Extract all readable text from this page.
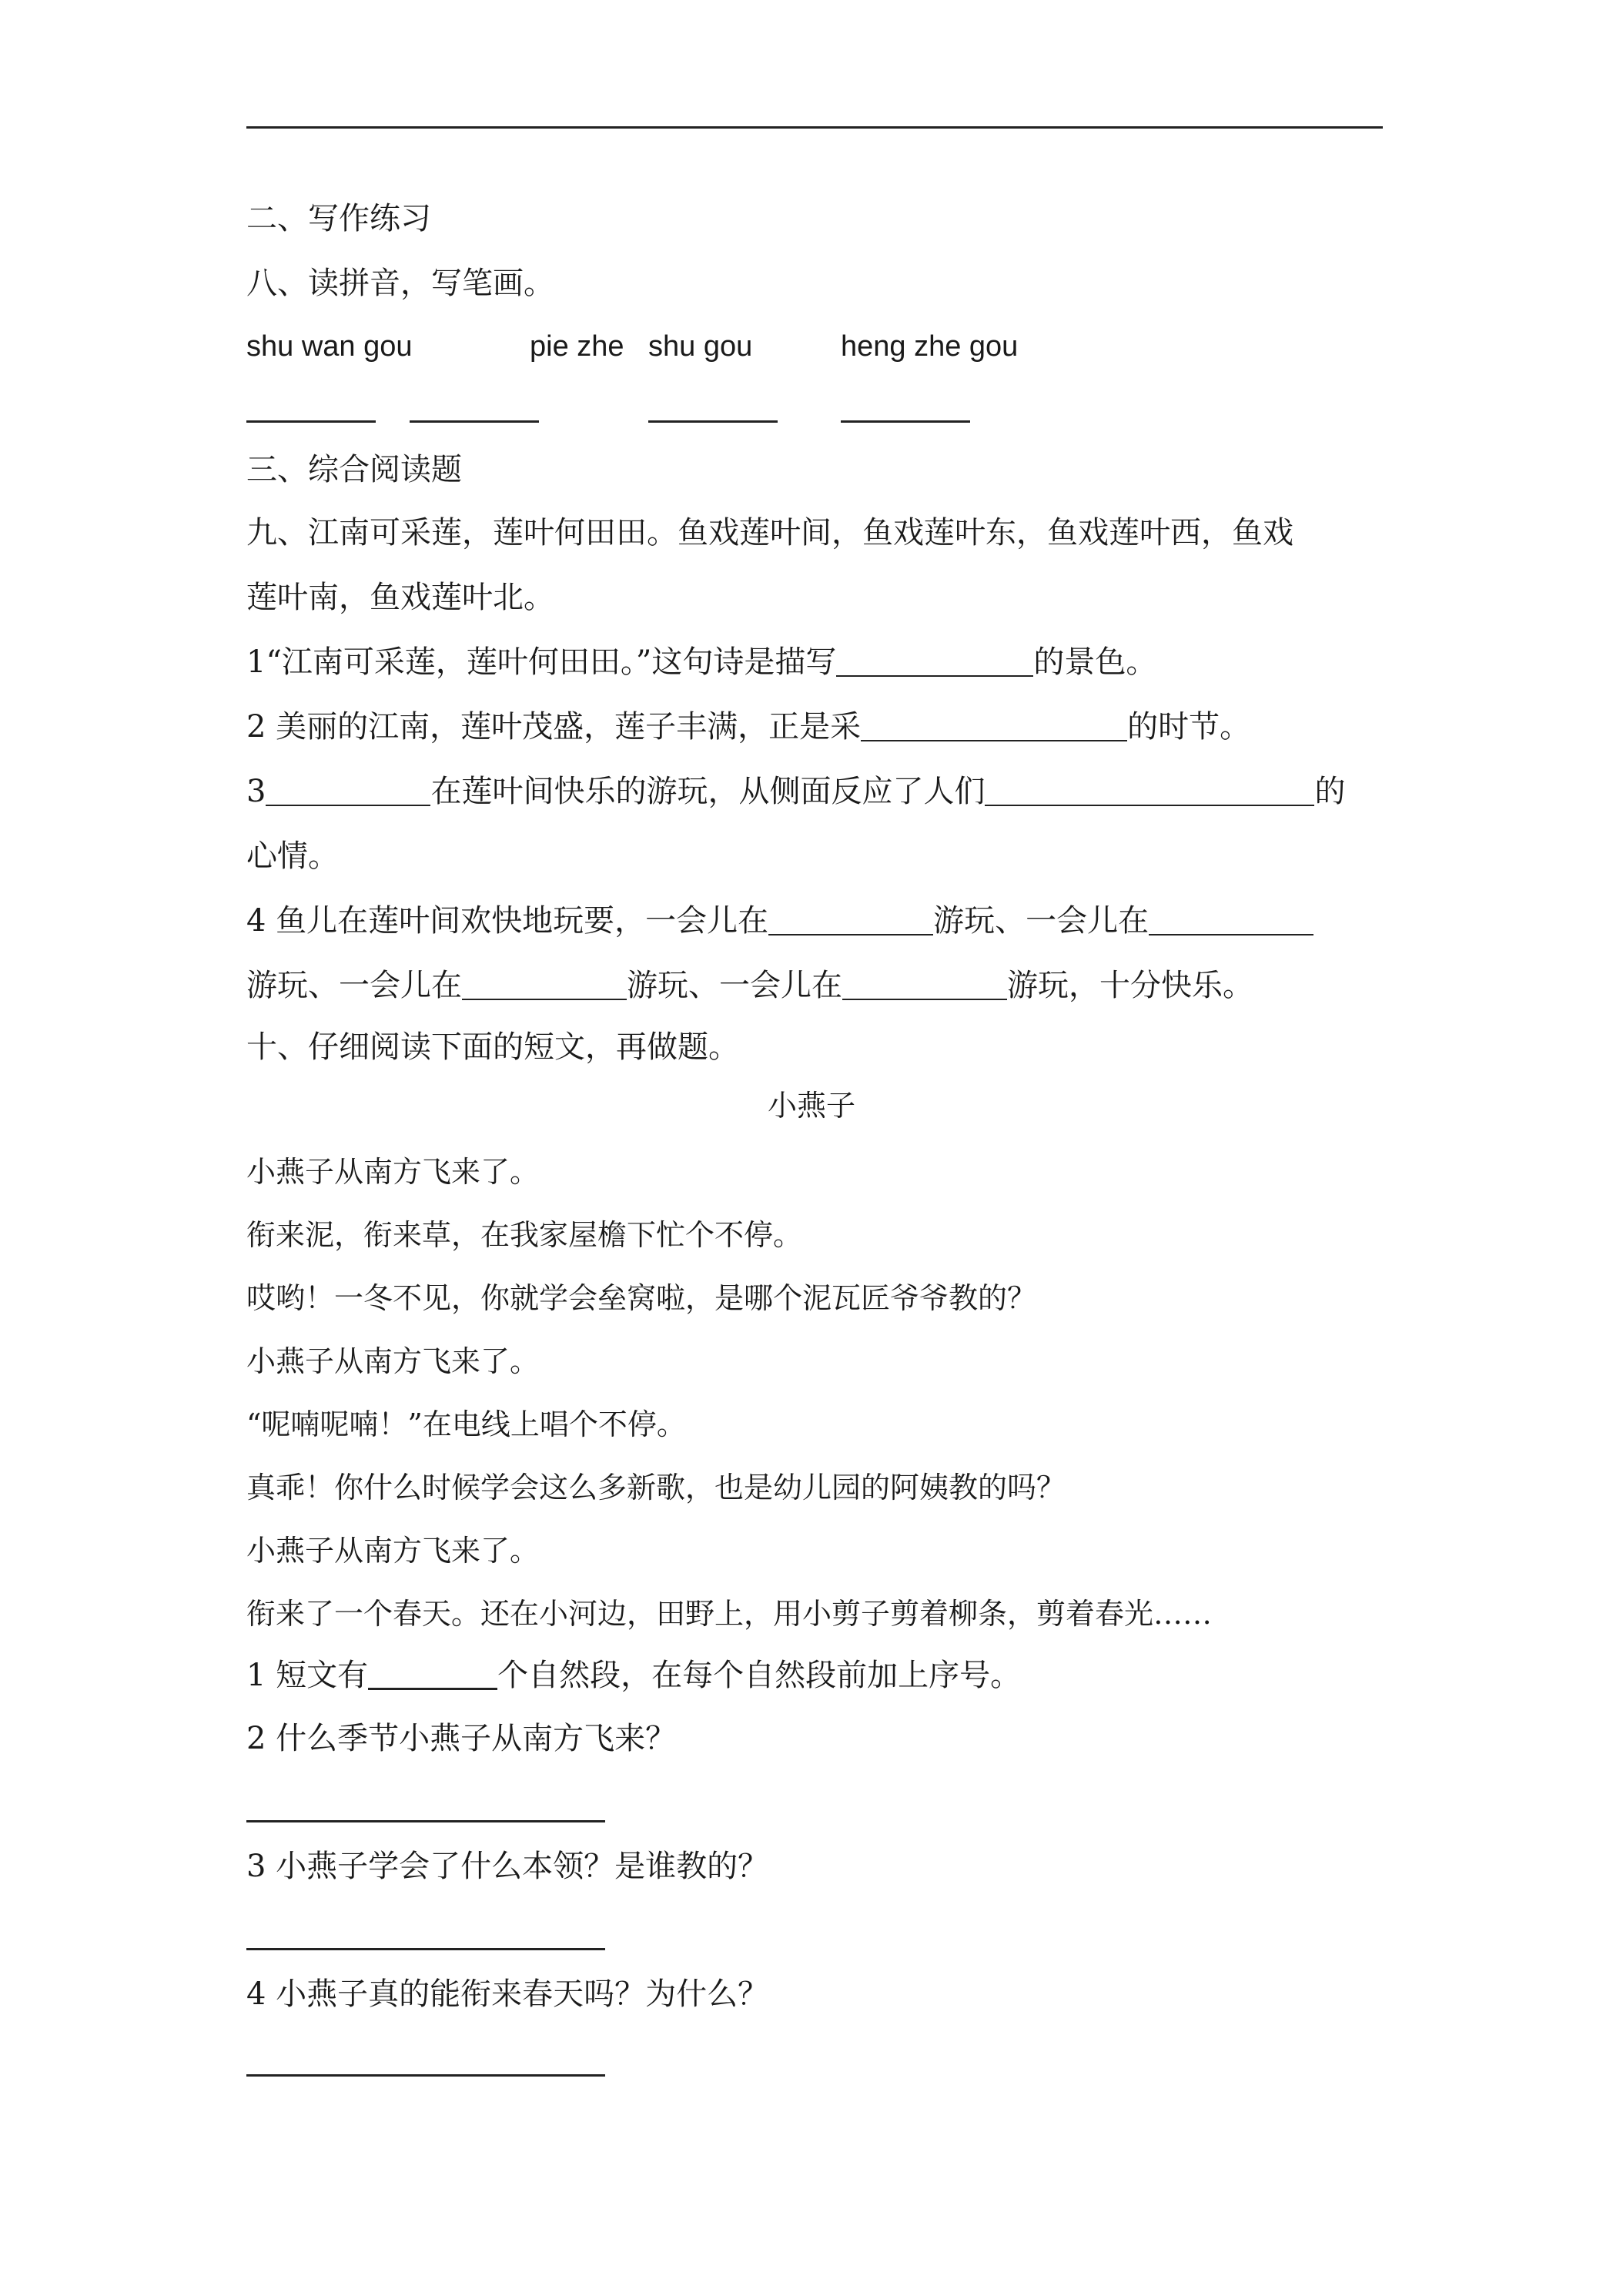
二、写作练习
八、读拼音，写笔画。
shu wan gou	pie zhe shu gou	heng zhe gou
三、综合阅读题
九、江南可采莲，莲叶何田田。鱼戏莲叶间，鱼戏莲叶东，鱼戏莲叶西，鱼戏
莲叶南，鱼戏莲叶北。
1“江南可采莲，莲叶何田田。”这句诗是描写	的景色。
2 美丽的江南，莲叶茂盛，莲子丰满，正是采	的时节。
3	在莲叶间快乐的游玩，从侧面反应了人们	的
心情。
4 鱼儿在莲叶间欢快地玩要，一会儿在	游玩、一会儿在
游玩、一会儿在	游玩、一会儿在	游玩，十分快乐。
十、仔细阅读下面的短文，再做题。
小燕子
小燕子从南方飞来了。
衔来泥，衔来草，在我家屋檐下忙个不停。
哎哟！一冬不见，你就学会垒窝啦，是哪个泥瓦匠爷爷教的？
小燕子从南方飞来了。
“呢喃呢喃！”在电线上唱个不停。
真乖！你什么时候学会这么多新歌，也是幼儿园的阿姨教的吗？
小燕子从南方飞来了。
衔来了一个春天。还在小河边，田野上，用小剪子剪着柳条，剪着春光……
1 短文有	个自然段，在每个自然段前加上序号。
2 什么季节小燕子从南方飞来？
3 小燕子学会了什么本领？是谁教的？
4 小燕子真的能衔来春天吗？为什么？
